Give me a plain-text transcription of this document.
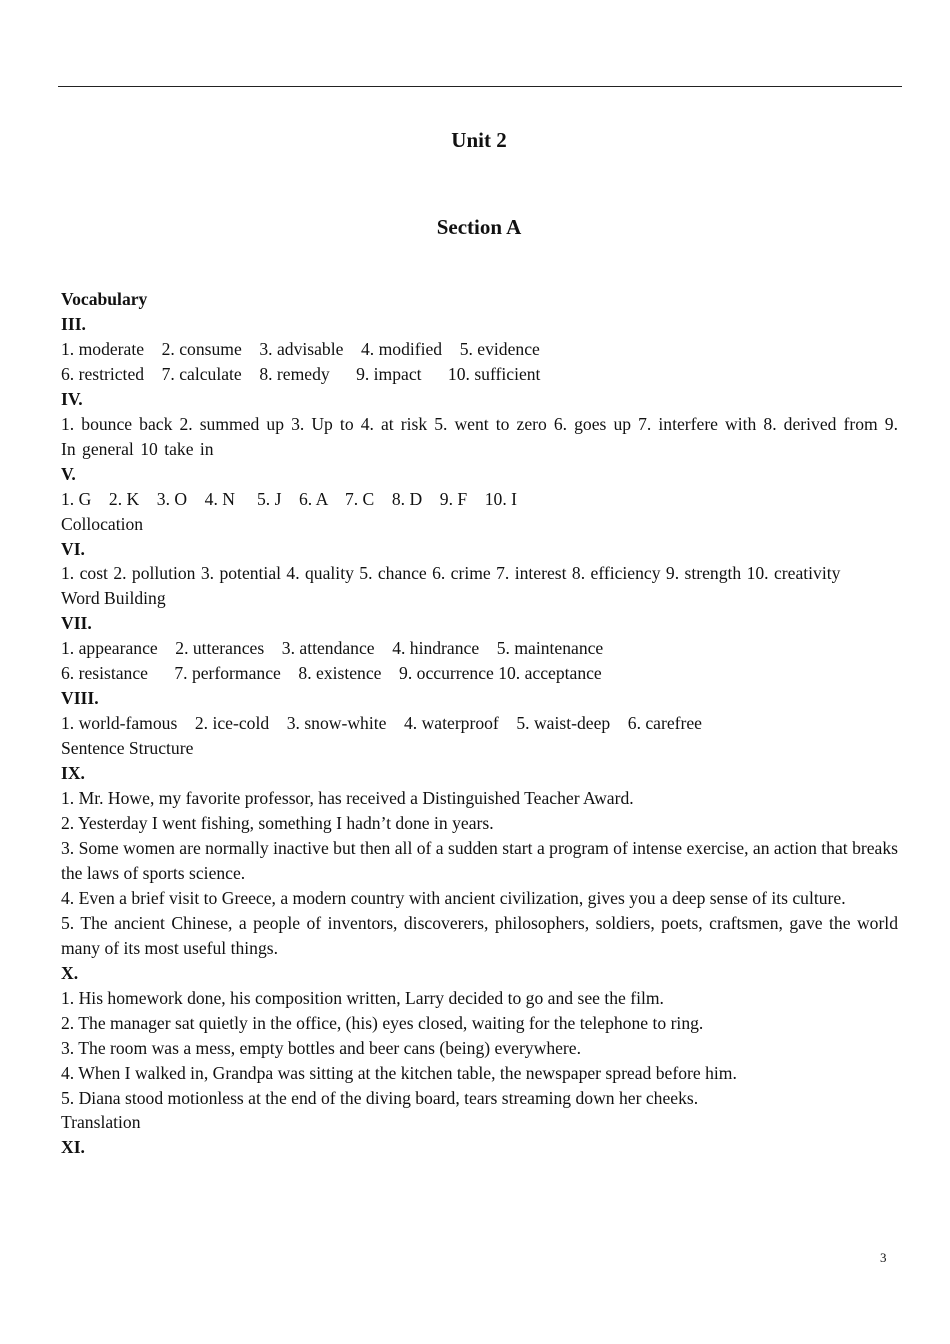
Unit 2
Section A
Vocabulary
III.
1. moderate    2. consume    3. advisable    4. modified    5. evidence
6. restricted    7. calculate    8. remedy      9. impact      10. sufficient
IV.
1. bounce back 2. summed up 3. Up to 4. at risk 5. went to zero 6. goes up 7. interfere with 8. derived from 9. In general 10 take in
V.
1. G    2. K    3. O    4. N     5. J    6. A    7. C    8. D    9. F    10. I
Collocation
VI.
1. cost 2. pollution 3. potential 4. quality 5. chance 6. crime 7. interest 8. efficiency 9. strength 10. creativity
Word Building
VII.
1. appearance    2. utterances    3. attendance    4. hindrance    5. maintenance
6. resistance      7. performance    8. existence    9. occurrence 10. acceptance
VIII.
1. world-famous    2. ice-cold    3. snow-white    4. waterproof    5. waist-deep    6. carefree
Sentence Structure
IX.
1. Mr. Howe, my favorite professor, has received a Distinguished Teacher Award.
2. Yesterday I went fishing, something I hadn’t done in years.
3. Some women are normally inactive but then all of a sudden start a program of intense exercise, an action that breaks the laws of sports science.
4. Even a brief visit to Greece, a modern country with ancient civilization, gives you a deep sense of its culture.
5. The ancient Chinese, a people of inventors, discoverers, philosophers, soldiers, poets, craftsmen, gave the world many of its most useful things.
X.
1. His homework done, his composition written, Larry decided to go and see the film.
2. The manager sat quietly in the office, (his) eyes closed, waiting for the telephone to ring.
3. The room was a mess, empty bottles and beer cans (being) everywhere.
4. When I walked in, Grandpa was sitting at the kitchen table, the newspaper spread before him.
5. Diana stood motionless at the end of the diving board, tears streaming down her cheeks.
Translation
XI.
3
